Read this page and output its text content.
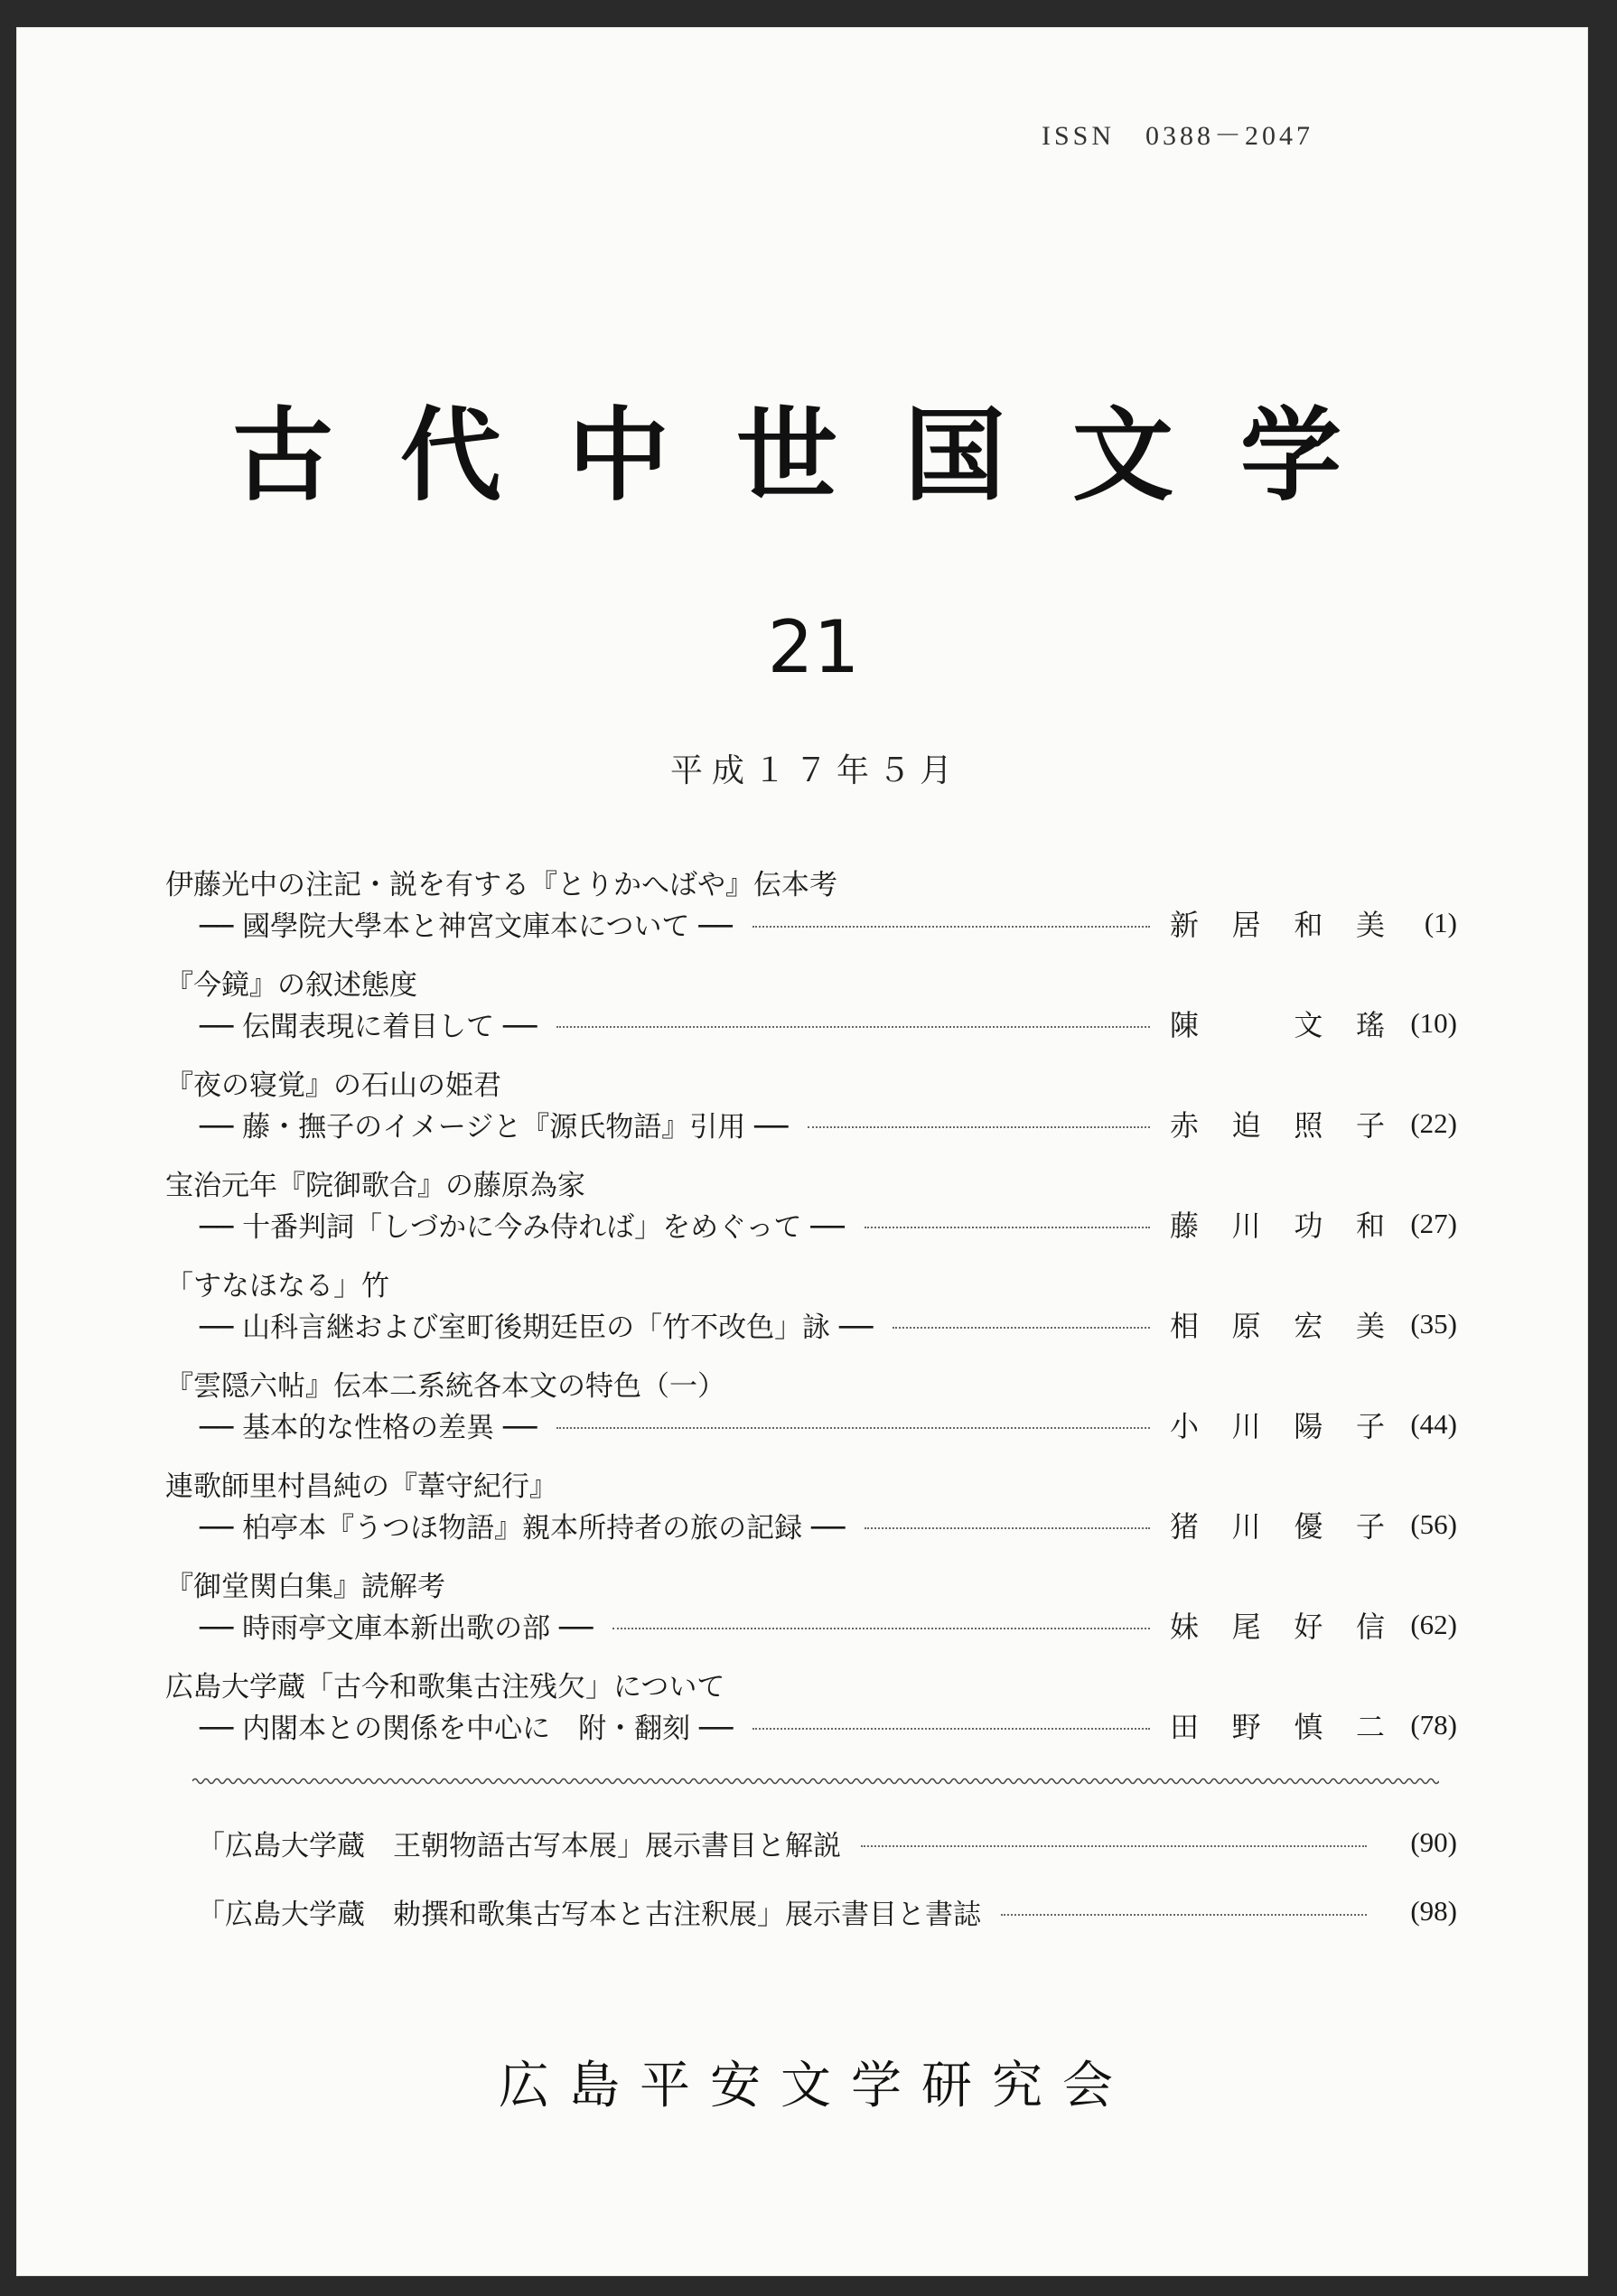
ISSN　0388－2047
古代中世国文学
21
平成１７年５月
伊藤光中の注記・説を有する『とりかへばや』伝本考
── 國學院大學本と神宮文庫本について ──	新居和美	(1)
『今鏡』の叙述態度
── 伝聞表現に着目して ──	陳　文瑤 (10)
『夜の寝覚』の石山の姫君
── 藤・撫子のイメージと『源氏物語』引用 ──	赤迫照子 (22)
宝治元年『院御歌合』の藤原為家
── 十番判詞「しづかに今み侍れば」をめぐって ──	藤川功和 (27)
「すなほなる」竹
── 山科言継および室町後期廷臣の「竹不改色」詠 ──	相原宏美 (35)
『雲隠六帖』伝本二系統各本文の特色（一）
── 基本的な性格の差異 ──	小川陽子 (44)
連歌師里村昌純の『葦守紀行』
── 柏亭本『うつほ物語』親本所持者の旅の記録 ──	猪川優子 (56)
『御堂関白集』読解考
── 時雨亭文庫本新出歌の部 ──	妹尾好信 (62)
広島大学蔵「古今和歌集古注残欠」について
── 内閣本との関係を中心に　附・翻刻 ──	田野慎二 (78)
「広島大学蔵　王朝物語古写本展」展示書目と解説	(90)
「広島大学蔵　勅撰和歌集古写本と古注釈展」展示書目と書誌	(98)
広島平安文学研究会
